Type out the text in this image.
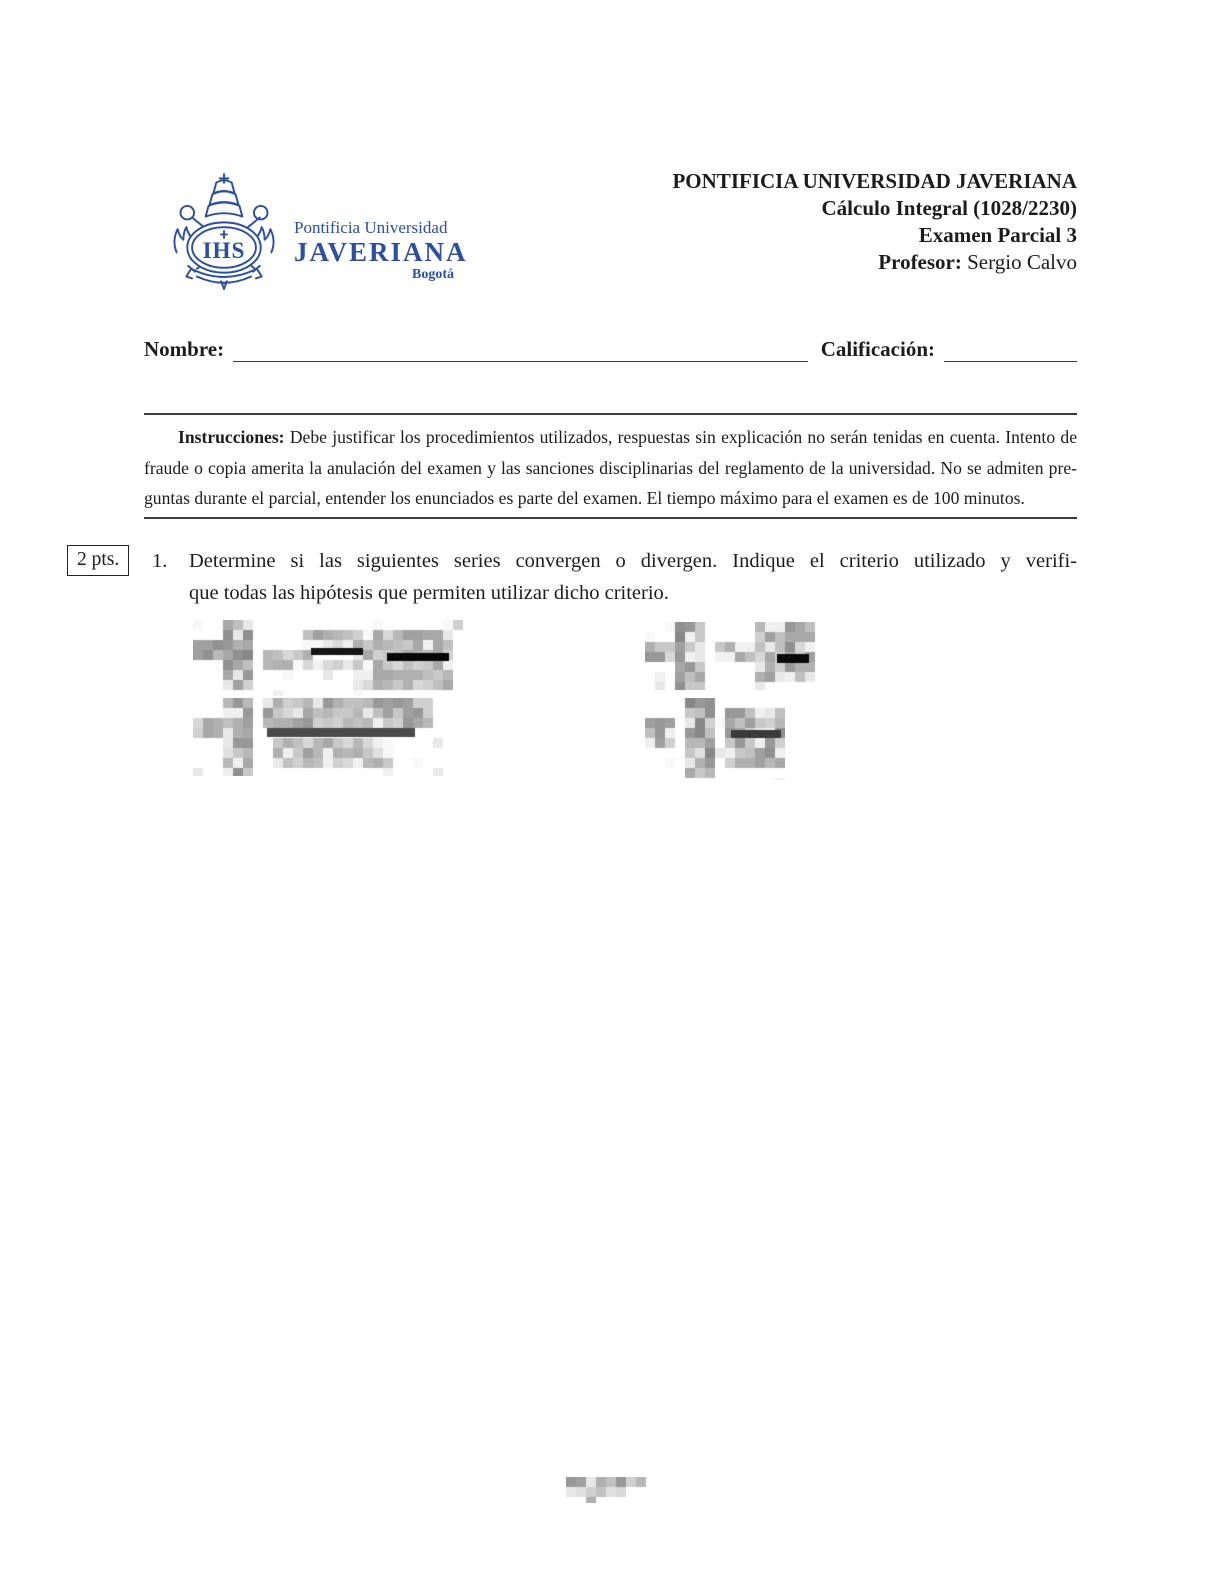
IHS
Pontificia Universidad
JAVERIANA
Bogotá
PONTIFICIA UNIVERSIDAD JAVERIANA
Cálculo Integral (1028/2230)
Examen Parcial 3
Profesor: Sergio Calvo
Nombre:	Calificación:
Instrucciones: Debe justificar los procedimientos utilizados, respuestas sin explicación no serán tenidas en cuenta. Intento de
fraude o copia amerita la anulación del examen y las sanciones disciplinarias del reglamento de la universidad. No se admiten pre-
guntas durante el parcial, entender los enunciados es parte del examen. El tiempo máximo para el examen es de 100 minutos.
2 pts.	1. Determine si las siguientes series convergen o divergen. Indique el criterio utilizado y verifi-
que todas las hipótesis que permiten utilizar dicho criterio.
